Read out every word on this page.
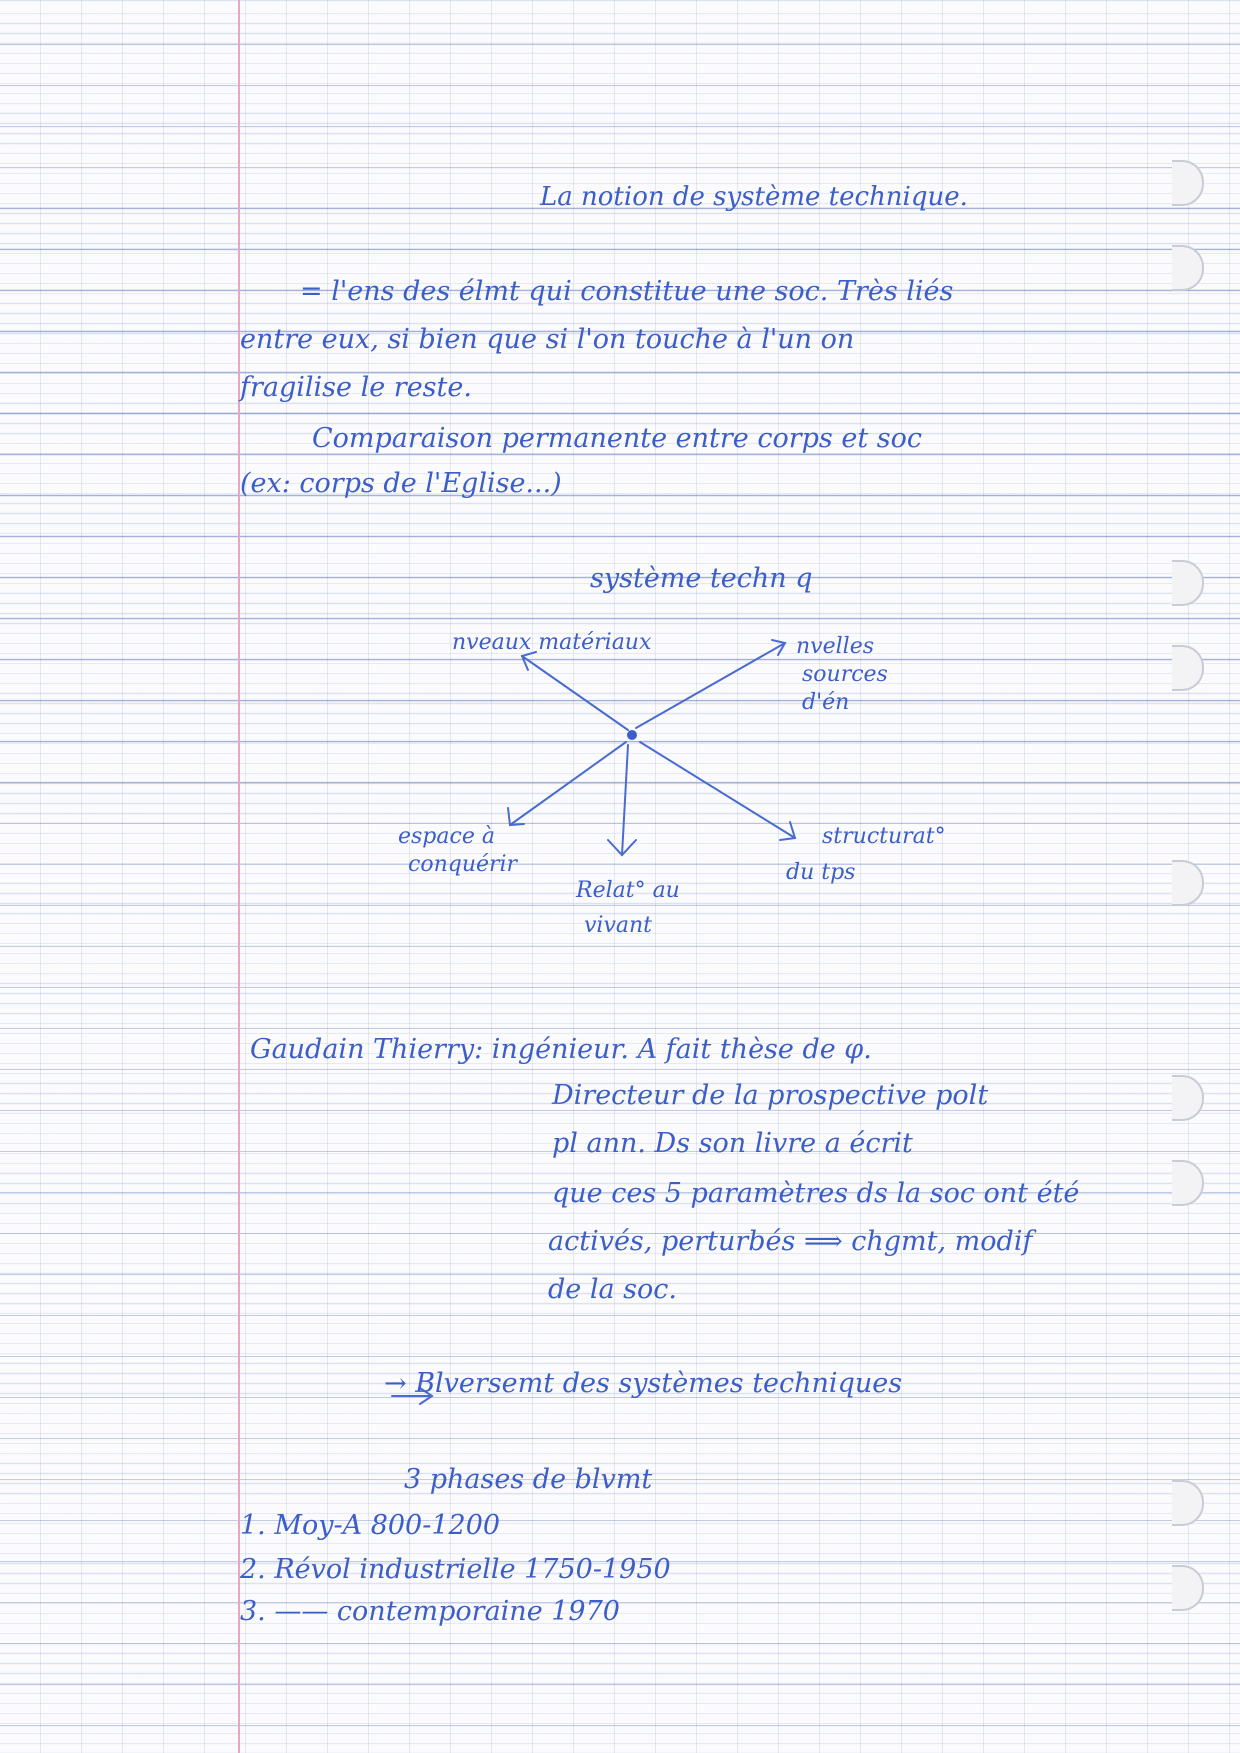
La notion de système technique.

= l'ens des élmt qui constitue une soc. Très liés

entre eux, si bien que si l'on touche à l'un on

fragilise le reste.

Comparaison permanente entre corps et soc

(ex: corps de l'Eglise...)

système techn q

nveaux matériaux	nvelles

sources

d'én

espace à

conquérir

Relat° au

vivant

structurat°

du tps

Gaudain Thierry: ingénieur. A fait thèse de φ.

Directeur de la prospective polt

pl ann. Ds son livre a écrit

que ces 5 paramètres ds la soc ont été

activés, perturbés ⟹ chgmt, modif

de la soc.

→ Blversemt des systèmes techniques

3 phases de blvmt

1. Moy-A 800-1200

2. Révol industrielle 1750-1950

3. —— contemporaine 1970
